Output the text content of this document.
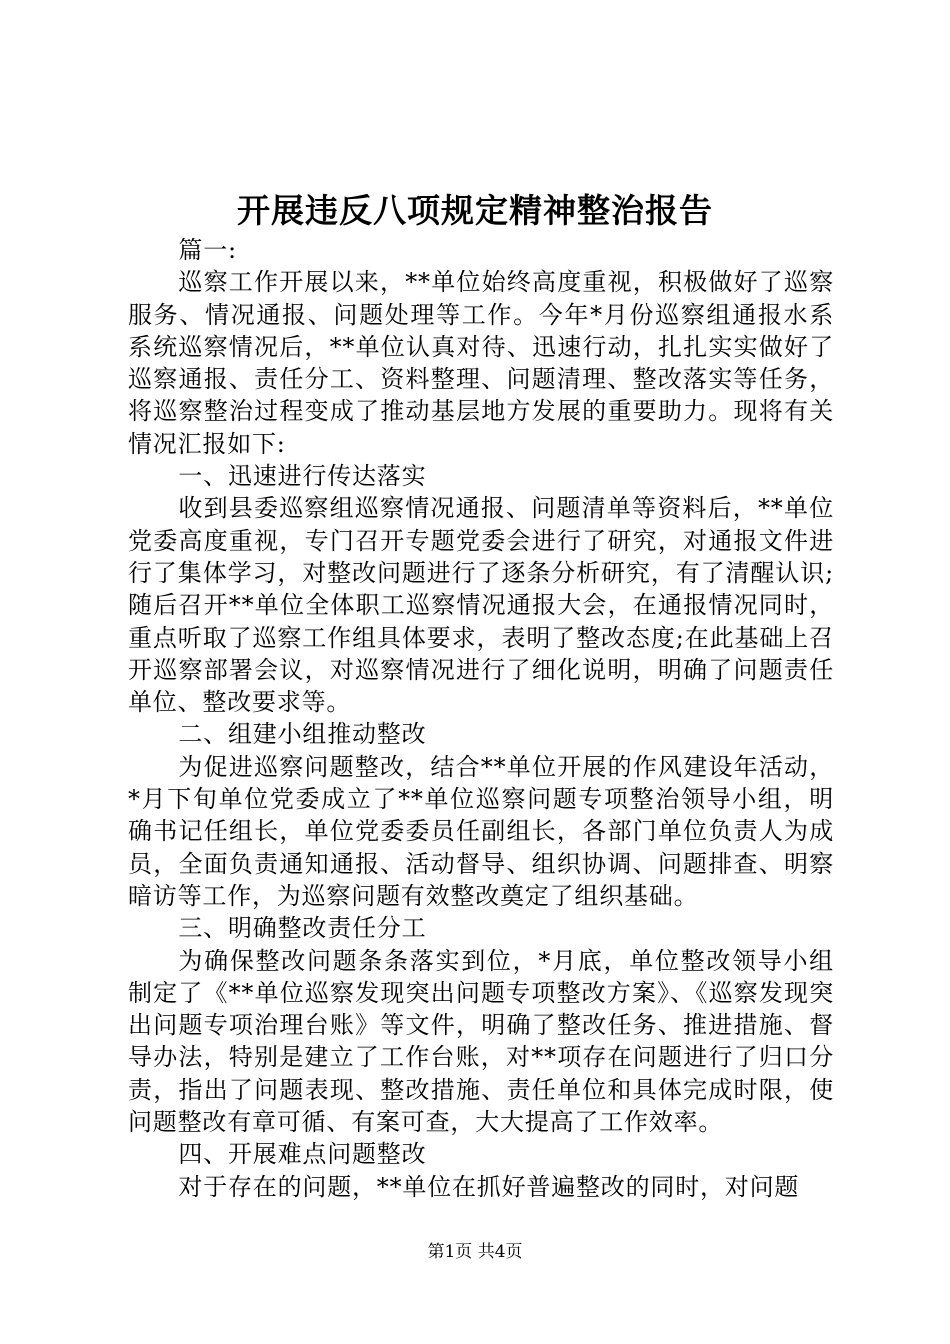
开展违反八项规定精神整治报告

篇一:

巡察工作开展以来，**单位始终高度重视，积极做好了巡察服务、情况通报、问题处理等工作。今年*月份巡察组通报水系系统巡察情况后，**单位认真对待、迅速行动，扎扎实实做好了巡察通报、责任分工、资料整理、问题清理、整改落实等任务，将巡察整治过程变成了推动基层地方发展的重要助力。现将有关情况汇报如下:

一、迅速进行传达落实

收到县委巡察组巡察情况通报、问题清单等资料后，**单位党委高度重视，专门召开专题党委会进行了研究，对通报文件进行了集体学习，对整改问题进行了逐条分析研究，有了清醒认识;随后召开**单位全体职工巡察情况通报大会，在通报情况同时，重点听取了巡察工作组具体要求，表明了整改态度;在此基础上召开巡察部署会议，对巡察情况进行了细化说明，明确了问题责任单位、整改要求等。

二、组建小组推动整改

为促进巡察问题整改，结合**单位开展的作风建设年活动，*月下旬单位党委成立了**单位巡察问题专项整治领导小组，明确书记任组长，单位党委委员任副组长，各部门单位负责人为成员，全面负责通知通报、活动督导、组织协调、问题排查、明察暗访等工作，为巡察问题有效整改奠定了组织基础。

三、明确整改责任分工

为确保整改问题条条落实到位，*月底，单位整改领导小组制定了《**单位巡察发现突出问题专项整改方案》、《巡察发现突出问题专项治理台账》等文件，明确了整改任务、推进措施、督导办法，特别是建立了工作台账，对**项存在问题进行了归口分责，指出了问题表现、整改措施、责任单位和具体完成时限，使问题整改有章可循、有案可查，大大提高了工作效率。

四、开展难点问题整改

对于存在的问题，**单位在抓好普遍整改的同时，对问题

第1页 共4页
